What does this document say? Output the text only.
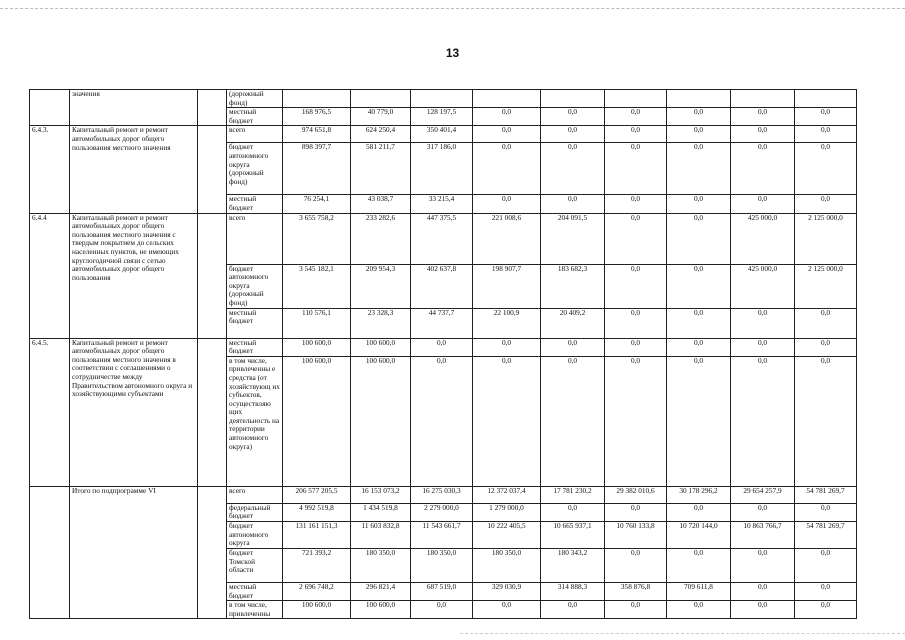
13
	значения		(дорожный фонд)									
			местный бюджет	168 976,5	40 779,0	128 197,5	0,0	0,0	0,0	0,0	0,0	0,0
6.4.3.	Капитальный ремонт и ремонт автомобильных дорог общего пользования местного значения		всего	974 651,8	624 250,4	350 401,4	0,0	0,0	0,0	0,0	0,0	0,0
			бюджет автономного округа (дорожный фонд)	898 397,7	581 211,7	317 186,0	0,0	0,0	0,0	0,0	0,0	0,0
			местный бюджет	76 254,1	43 038,7	33 215,4	0,0	0,0	0,0	0,0	0,0	0,0
6.4.4	Капитальный ремонт и ремонт автомобильных дорог общего пользования местного значения с твердым покрытием до сельских населенных пунктов, не имеющих круглогодичной связи с сетью автомобильных дорог общего пользования		всего	3 655 758,2	233 282,6	447 375,5	221 008,6	204 091,5	0,0	0,0	425 000,0	2 125 000,0
			бюджет автономного округа (дорожный фонд)	3 545 182,1	209 954,3	402 637,8	198 907,7	183 682,3	0,0	0,0	425 000,0	2 125 000,0
			местный бюджет	110 576,1	23 328,3	44 737,7	22 100,9	20 409,2	0,0	0,0	0,0	0,0
6.4.5.	Капитальный ремонт и ремонт автомобильных дорог общего пользования местного значения в соответствии с соглашениями о сотрудничестве между Правительством автономного округа и хозяйствующими субъектами		местный бюджет	100 600,0	100 600,0	0,0	0,0	0,0	0,0	0,0	0,0	0,0
			в том числе, привлеченны е средства (от хозяйствующ их субъектов, осуществляю щих деятельность на территории автономного округа)	100 600,0	100 600,0	0,0	0,0	0,0	0,0	0,0	0,0	0,0
	Итого по подпрограмме VI		всего	206 577 205,5	16 153 073,2	16 275 030,3	12 372 037,4	17 781 230,2	29 382 010,6	30 178 296,2	29 654 257,9	54 781 269,7
			федеральный бюджет	4 992 519,8	1 434 519,8	2 279 000,0	1 279 000,0	0,0	0,0	0,0	0,0	0,0
			бюджет автономного округа	131 161 151,3	11 603 832,8	11 543 661,7	10 222 405,5	10 665 937,1	10 760 133,8	10 720 144,0	10 863 766,7	54 781 269,7
			бюджет Томской области	721 393,2	180 350,0	180 350,0	180 350,0	180 343,2	0,0	0,0	0,0	0,0
			местный бюджет	2 696 748,2	296 821,4	687 519,0	329 030,9	314 888,3	358 876,8	709 611,8	0,0	0,0
			в том числе, привлеченны	100 600,0	100 600,0	0,0	0,0	0,0	0,0	0,0	0,0	0,0
